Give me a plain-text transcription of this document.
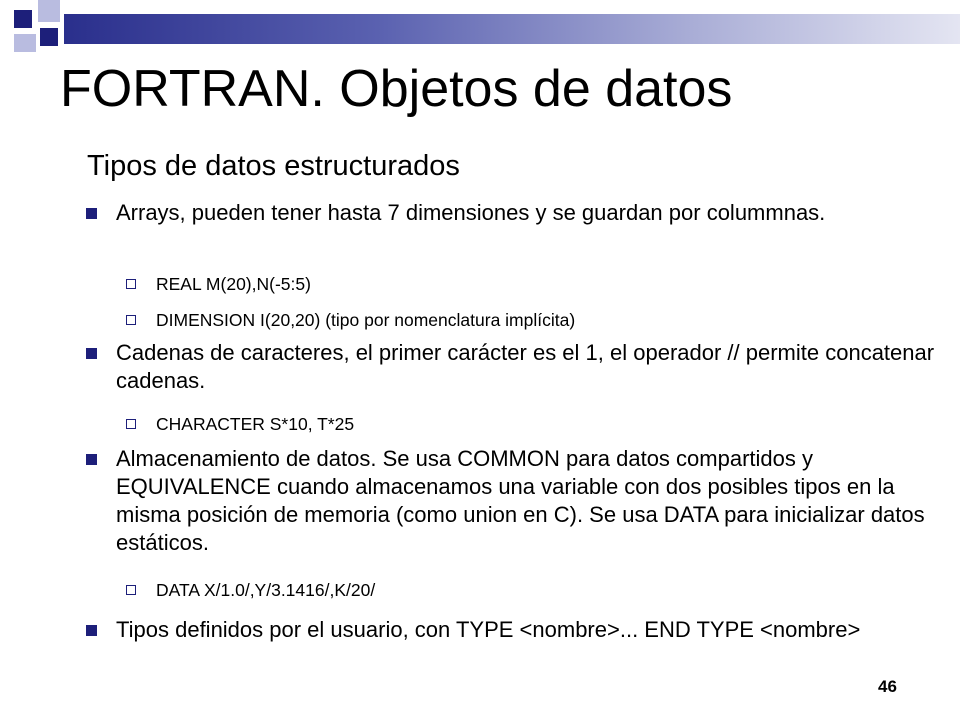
FORTRAN. Objetos de datos
Tipos de datos estructurados
Arrays, pueden tener hasta 7 dimensiones y se guardan por colummnas.
REAL M(20),N(-5:5)
DIMENSION I(20,20) (tipo por nomenclatura implícita)
Cadenas de caracteres, el primer carácter es el 1, el operador // permite concatenar cadenas.
CHARACTER S*10, T*25
Almacenamiento de datos. Se usa COMMON para datos compartidos y EQUIVALENCE cuando almacenamos una variable con dos posibles tipos en la misma posición de memoria (como union en C). Se usa DATA para inicializar datos estáticos.
DATA X/1.0/,Y/3.1416/,K/20/
Tipos definidos por el usuario, con TYPE <nombre>... END TYPE <nombre>
46
